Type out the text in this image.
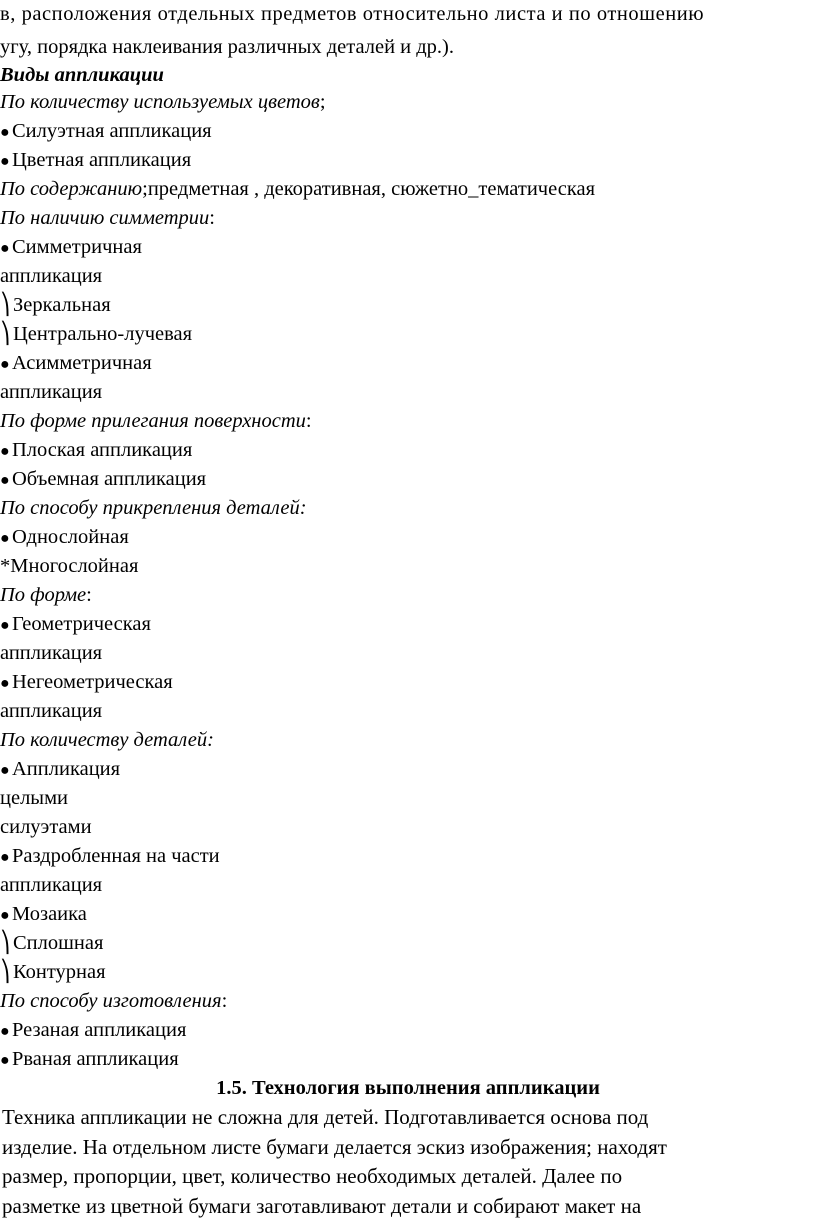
в, расположения отдельных предметов относительно листа и по отношению
угу, порядка наклеивания различных деталей и др.).
Виды аппликации
По количеству используемых цветов;
● Силуэтная аппликация
● Цветная аппликация
По содержанию;предметная , декоративная, сюжетно_тематическая
По наличию симметрии:
● Симметричная
аппликация
⎞ Зеркальная
⎞ Центрально-лучевая
● Асимметричная
аппликация
По форме прилегания поверхности:
● Плоская аппликация
● Объемная аппликация
По способу прикрепления деталей:
● Однослойная
*Многослойная
По форме:
● Геометрическая
аппликация
● Негеометрическая
аппликация
По количеству деталей:
● Аппликация
целыми
силуэтами
● Раздробленная на части
аппликация
● Мозаика
⎞ Сплошная
⎞ Контурная
По способу изготовления:
● Резаная аппликация
● Рваная аппликация
1.5. Технология выполнения аппликации
Техника аппликации не сложна для детей. Подготавливается основа под
изделие. На отдельном листе бумаги делается эскиз изображения; находят
размер, пропорции, цвет, количество необходимых деталей. Далее по
разметке из цветной бумаги заготавливают детали и собирают макет на
